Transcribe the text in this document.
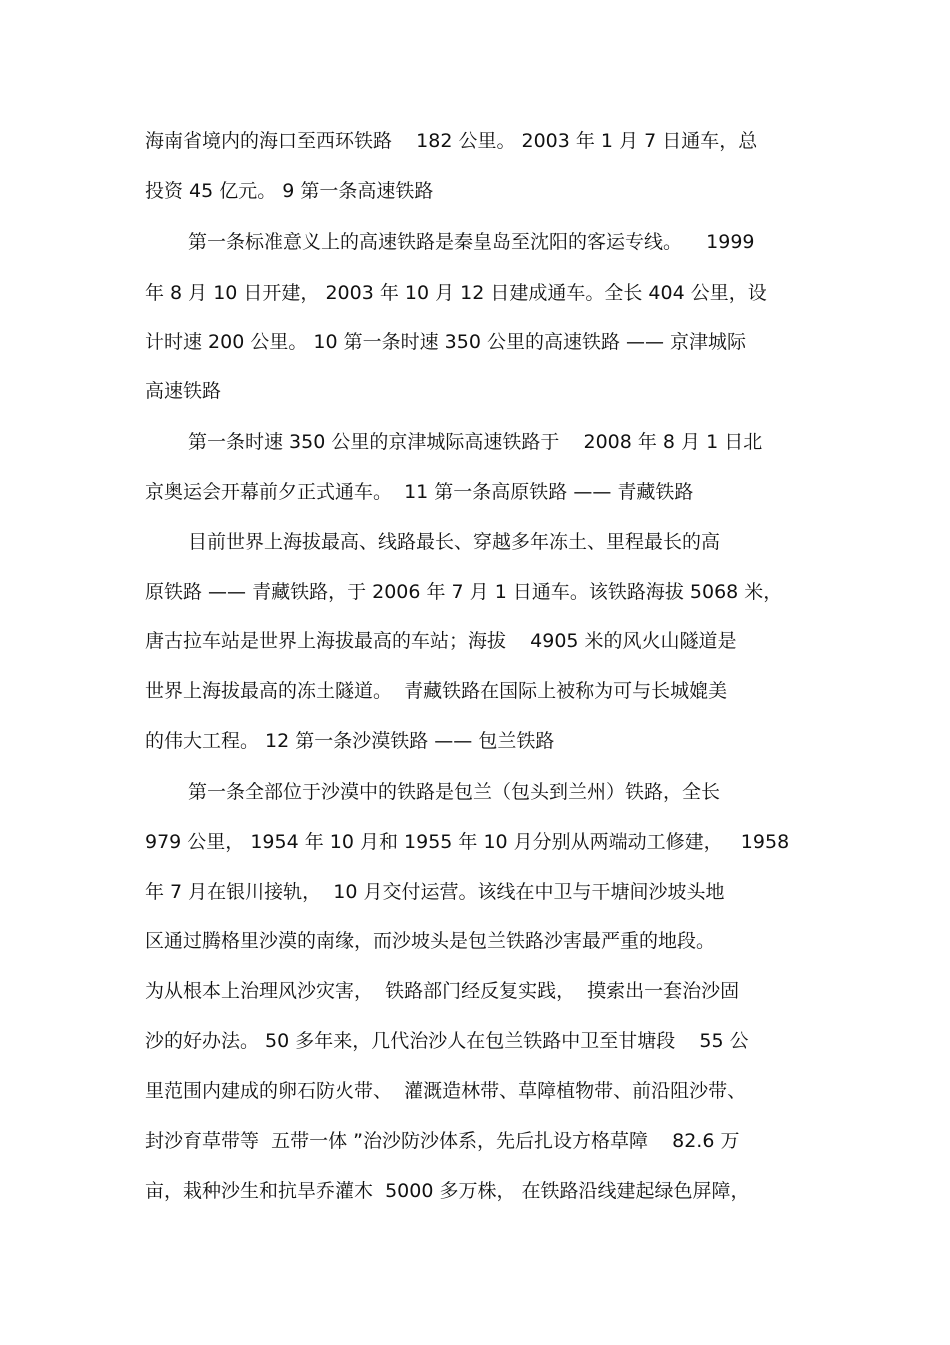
海南省境内的海口至西环铁路    182 公里。 2003 年 1 月 7 日通车，总
投资 45 亿元。 9 第一条高速铁路
第一条标准意义上的高速铁路是秦皇岛至沈阳的客运专线。    1999
年 8 月 10 日开建， 2003 年 10 月 12 日建成通车。全长 404 公里，设
计时速 200 公里。 10 第一条时速 350 公里的高速铁路 —— 京津城际
高速铁路
第一条时速 350 公里的京津城际高速铁路于    2008 年 8 月 1 日北
京奥运会开幕前夕正式通车。  11 第一条高原铁路 —— 青藏铁路
目前世界上海拔最高、线路最长、穿越多年冻土、里程最长的高
原铁路 —— 青藏铁路，于 2006 年 7 月 1 日通车。该铁路海拔 5068 米，
唐古拉车站是世界上海拔最高的车站；海拔    4905 米的风火山隧道是
世界上海拔最高的冻土隧道。  青藏铁路在国际上被称为可与长城媲美
的伟大工程。 12 第一条沙漠铁路 —— 包兰铁路
第一条全部位于沙漠中的铁路是包兰（包头到兰州）铁路，全长
979 公里， 1954 年 10 月和 1955 年 10 月分别从两端动工修建，   1958
年 7 月在银川接轨，  10 月交付运营。该线在中卫与干塘间沙坡头地
区通过腾格里沙漠的南缘，而沙坡头是包兰铁路沙害最严重的地段。
为从根本上治理风沙灾害，  铁路部门经反复实践，  摸索出一套治沙固
沙的好办法。 50 多年来，几代治沙人在包兰铁路中卫至甘塘段    55 公
里范围内建成的卵石防火带、  灌溉造林带、草障植物带、前沿阻沙带、
封沙育草带等  五带一体 ”治沙防沙体系，先后扎设方格草障    82.6 万
亩，栽种沙生和抗旱乔灌木  5000 多万株， 在铁路沿线建起绿色屏障，
